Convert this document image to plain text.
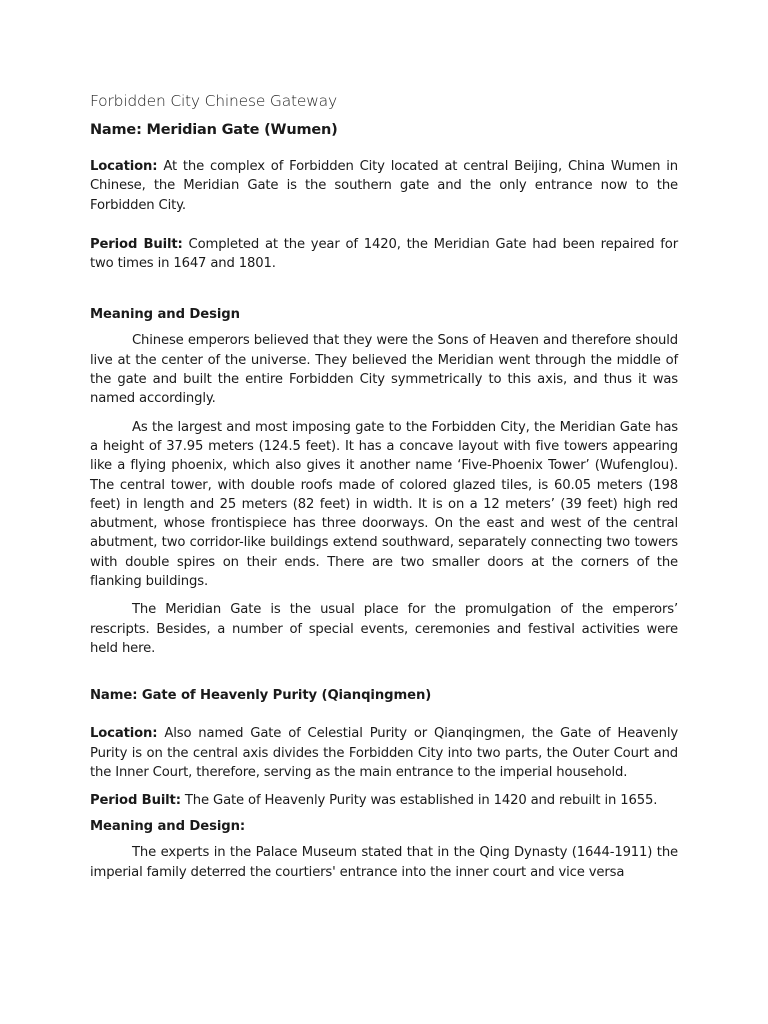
Forbidden City Chinese Gateway
Name: Meridian Gate (Wumen)

Location: At the complex of Forbidden City located at central Beijing, China Wumen in Chinese, the Meridian Gate is the southern gate and the only entrance now to the Forbidden City.

Period Built: Completed at the year of 1420, the Meridian Gate had been repaired for two times in 1647 and 1801.

Meaning and Design

Chinese emperors believed that they were the Sons of Heaven and therefore should live at the center of the universe. They believed the Meridian went through the middle of the gate and built the entire Forbidden City symmetrically to this axis, and thus it was named accordingly.

As the largest and most imposing gate to the Forbidden City, the Meridian Gate has a height of 37.95 meters (124.5 feet). It has a concave layout with five towers appearing like a flying phoenix, which also gives it another name ‘Five-Phoenix Tower’ (Wufenglou). The central tower, with double roofs made of colored glazed tiles, is 60.05 meters (198 feet) in length and 25 meters (82 feet) in width. It is on a 12 meters’ (39 feet) high red abutment, whose frontispiece has three doorways. On the east and west of the central abutment, two corridor-like buildings extend southward, separately connecting two towers with double spires on their ends. There are two smaller doors at the corners of the flanking buildings.

The Meridian Gate is the usual place for the promulgation of the emperors’ rescripts. Besides, a number of special events, ceremonies and festival activities were held here.

Name: Gate of Heavenly Purity (Qianqingmen)

Location: Also named Gate of Celestial Purity or Qianqingmen, the Gate of Heavenly Purity is on the central axis divides the Forbidden City into two parts, the Outer Court and the Inner Court, therefore, serving as the main entrance to the imperial household.

Period Built: The Gate of Heavenly Purity was established in 1420 and rebuilt in 1655.

Meaning and Design:

The experts in the Palace Museum stated that in the Qing Dynasty (1644-1911) the imperial family deterred the courtiers' entrance into the inner court and vice versa
